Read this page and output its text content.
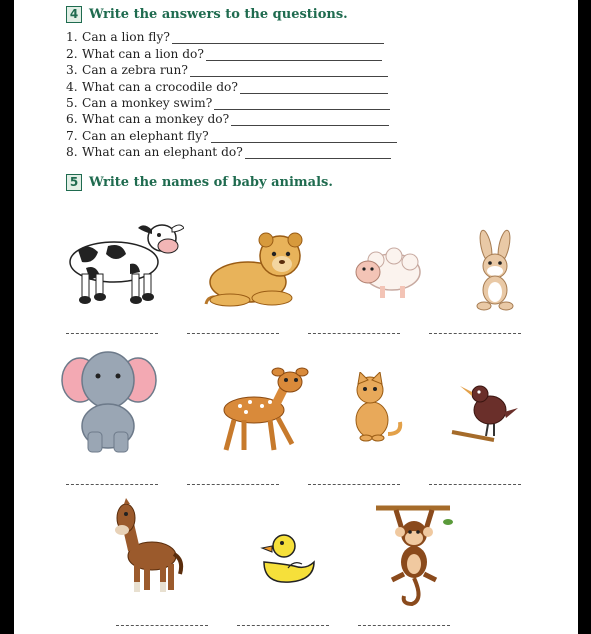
4 Write the answers to the questions.
1. Can a lion fly?
2. What can a lion do?
3. Can a zebra run?
4. What can a crocodile do?
5. Can a monkey swim?
6. What can a monkey do?
7. Can an elephant fly?
8. What can an elephant do?
5 Write the names of baby animals.
